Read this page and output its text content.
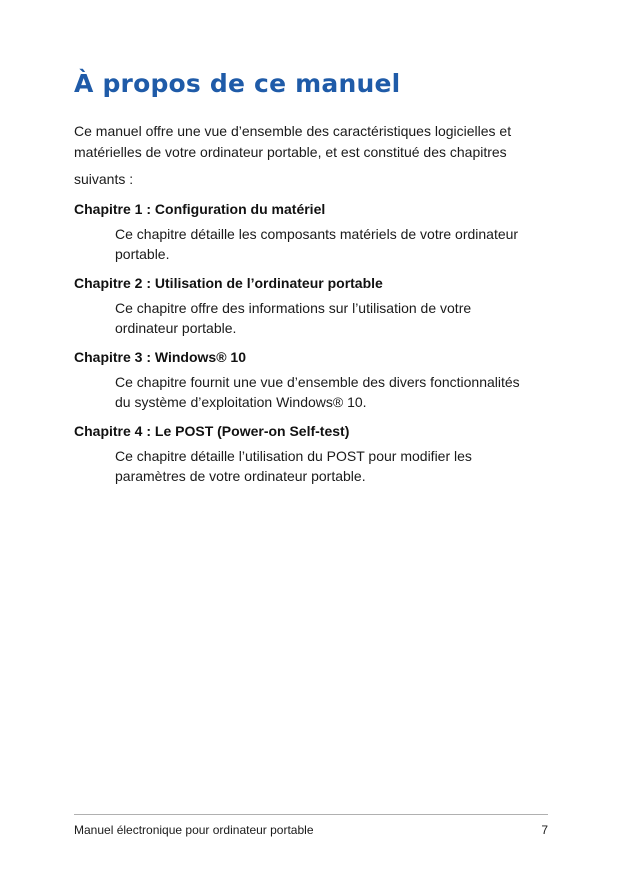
À propos de ce manuel

Ce manuel offre une vue d’ensemble des caractéristiques logicielles et
matérielles de votre ordinateur portable, et est constitué des chapitres
suivants :

Chapitre 1 : Configuration du matériel
Ce chapitre détaille les composants matériels de votre ordinateur
portable.
Chapitre 2 : Utilisation de l’ordinateur portable
Ce chapitre offre des informations sur l’utilisation de votre
ordinateur portable.
Chapitre 3 : Windows® 10
Ce chapitre fournit une vue d’ensemble des divers fonctionnalités
du système d’exploitation Windows® 10.
Chapitre 4 : Le POST (Power-on Self-test)
Ce chapitre détaille l’utilisation du POST pour modifier les
paramètres de votre ordinateur portable.
Manuel électronique pour ordinateur portable	7
